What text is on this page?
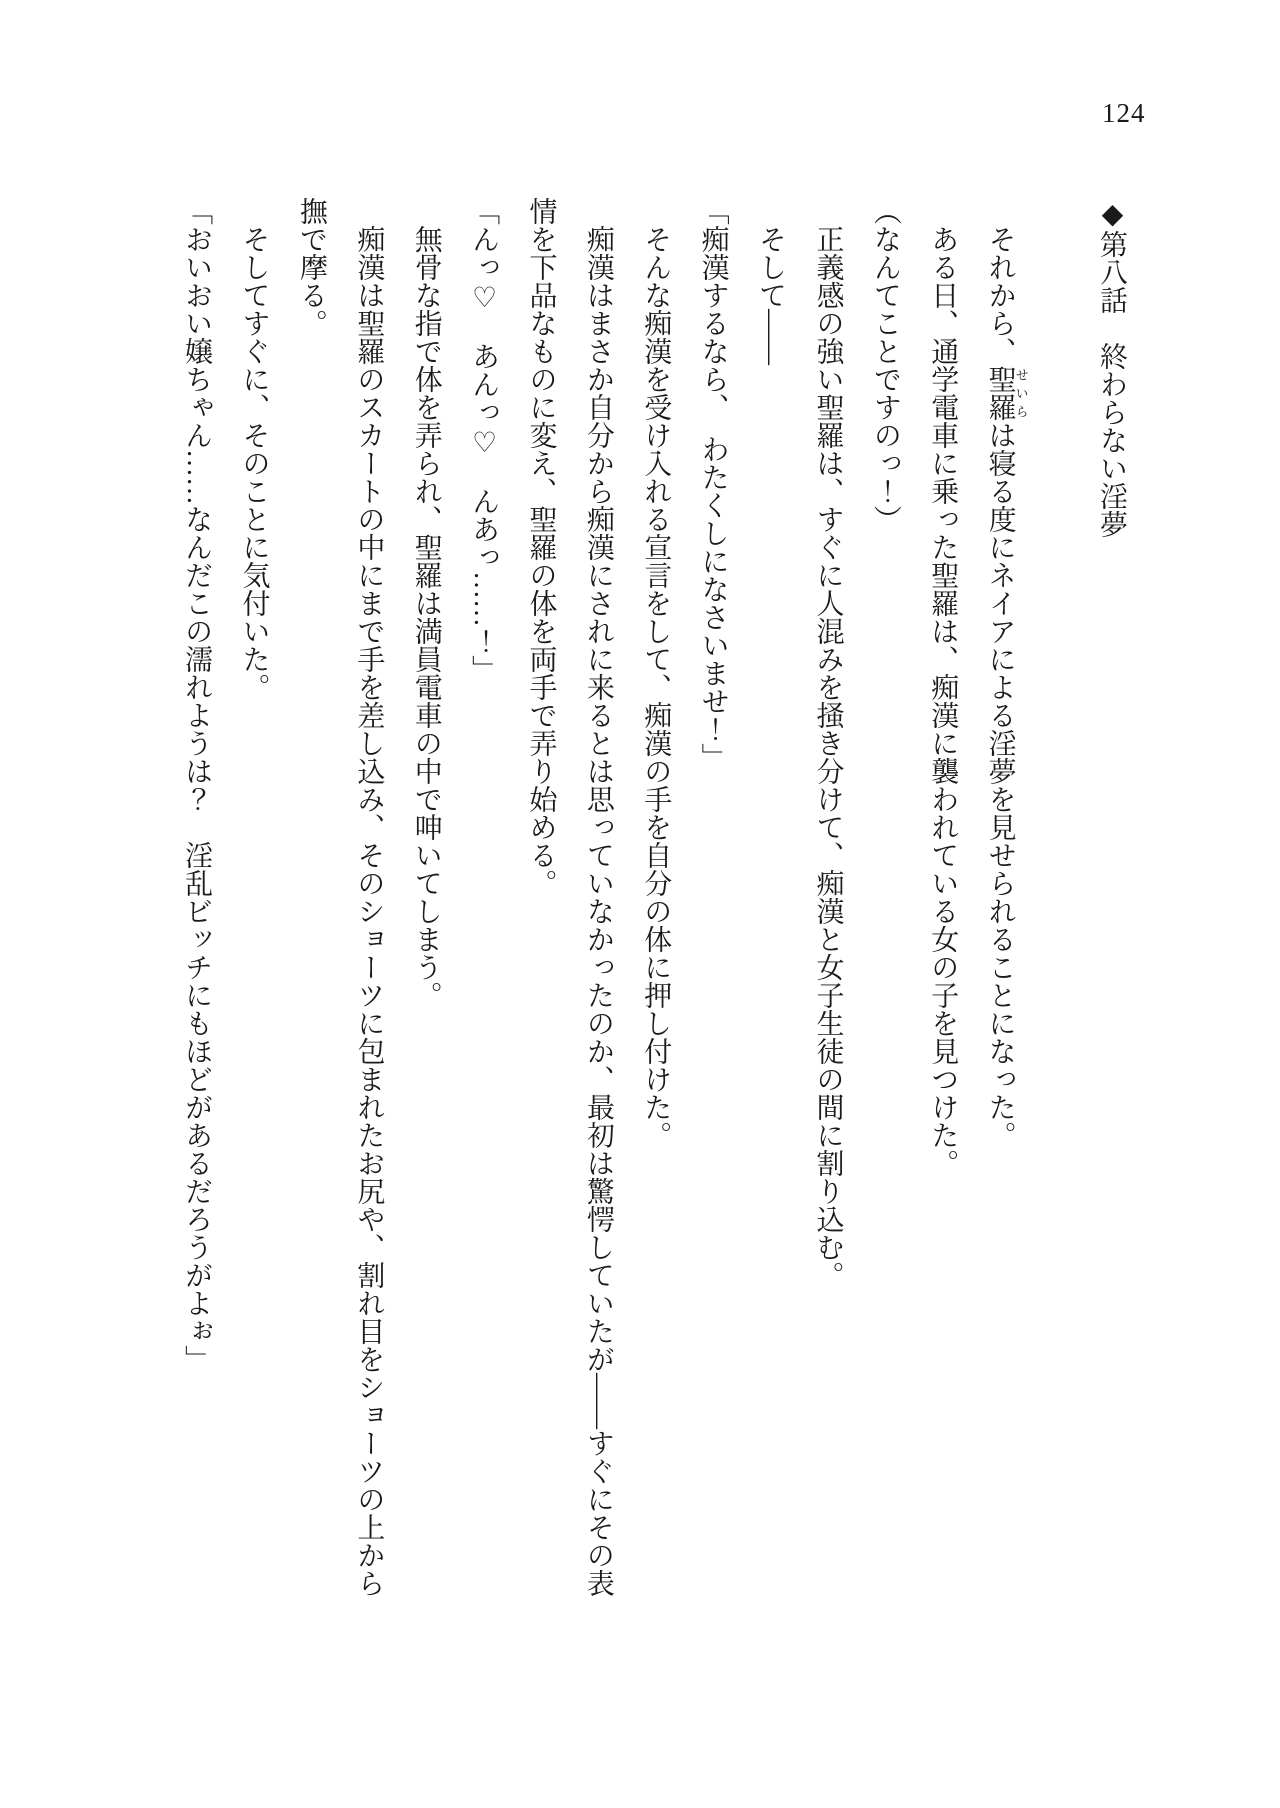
124
◆第八話　終わらない淫夢

それから、聖羅せいらは寝る度にネイアによる淫夢を見せられることになった。

ある日、通学電車に乗った聖羅は、痴漢に襲われている女の子を見つけた。

（なんてことですのっ！）

正義感の強い聖羅は、すぐに人混みを掻き分けて、痴漢と女子生徒の間に割り込む。

そして――

「痴漢するなら、　わたくしになさいませ！」

そんな痴漢を受け入れる宣言をして、痴漢の手を自分の体に押し付けた。

痴漢はまさか自分から痴漢にされに来るとは思っていなかったのか、最初は驚愕していたが――すぐにその表情を下品なものに変え、聖羅の体を両手で弄り始める。

「んっ♡　あんっ♡　んあっ……！」

無骨な指で体を弄られ、聖羅は満員電車の中で呻いてしまう。

痴漢は聖羅のスカートの中にまで手を差し込み、そのショーツに包まれたお尻や、割れ目をショーツの上から撫で摩る。

そしてすぐに、そのことに気付いた。

「おいおい嬢ちゃん……なんだこの濡れようは？　淫乱ビッチにもほどがあるだろうがよぉ」
